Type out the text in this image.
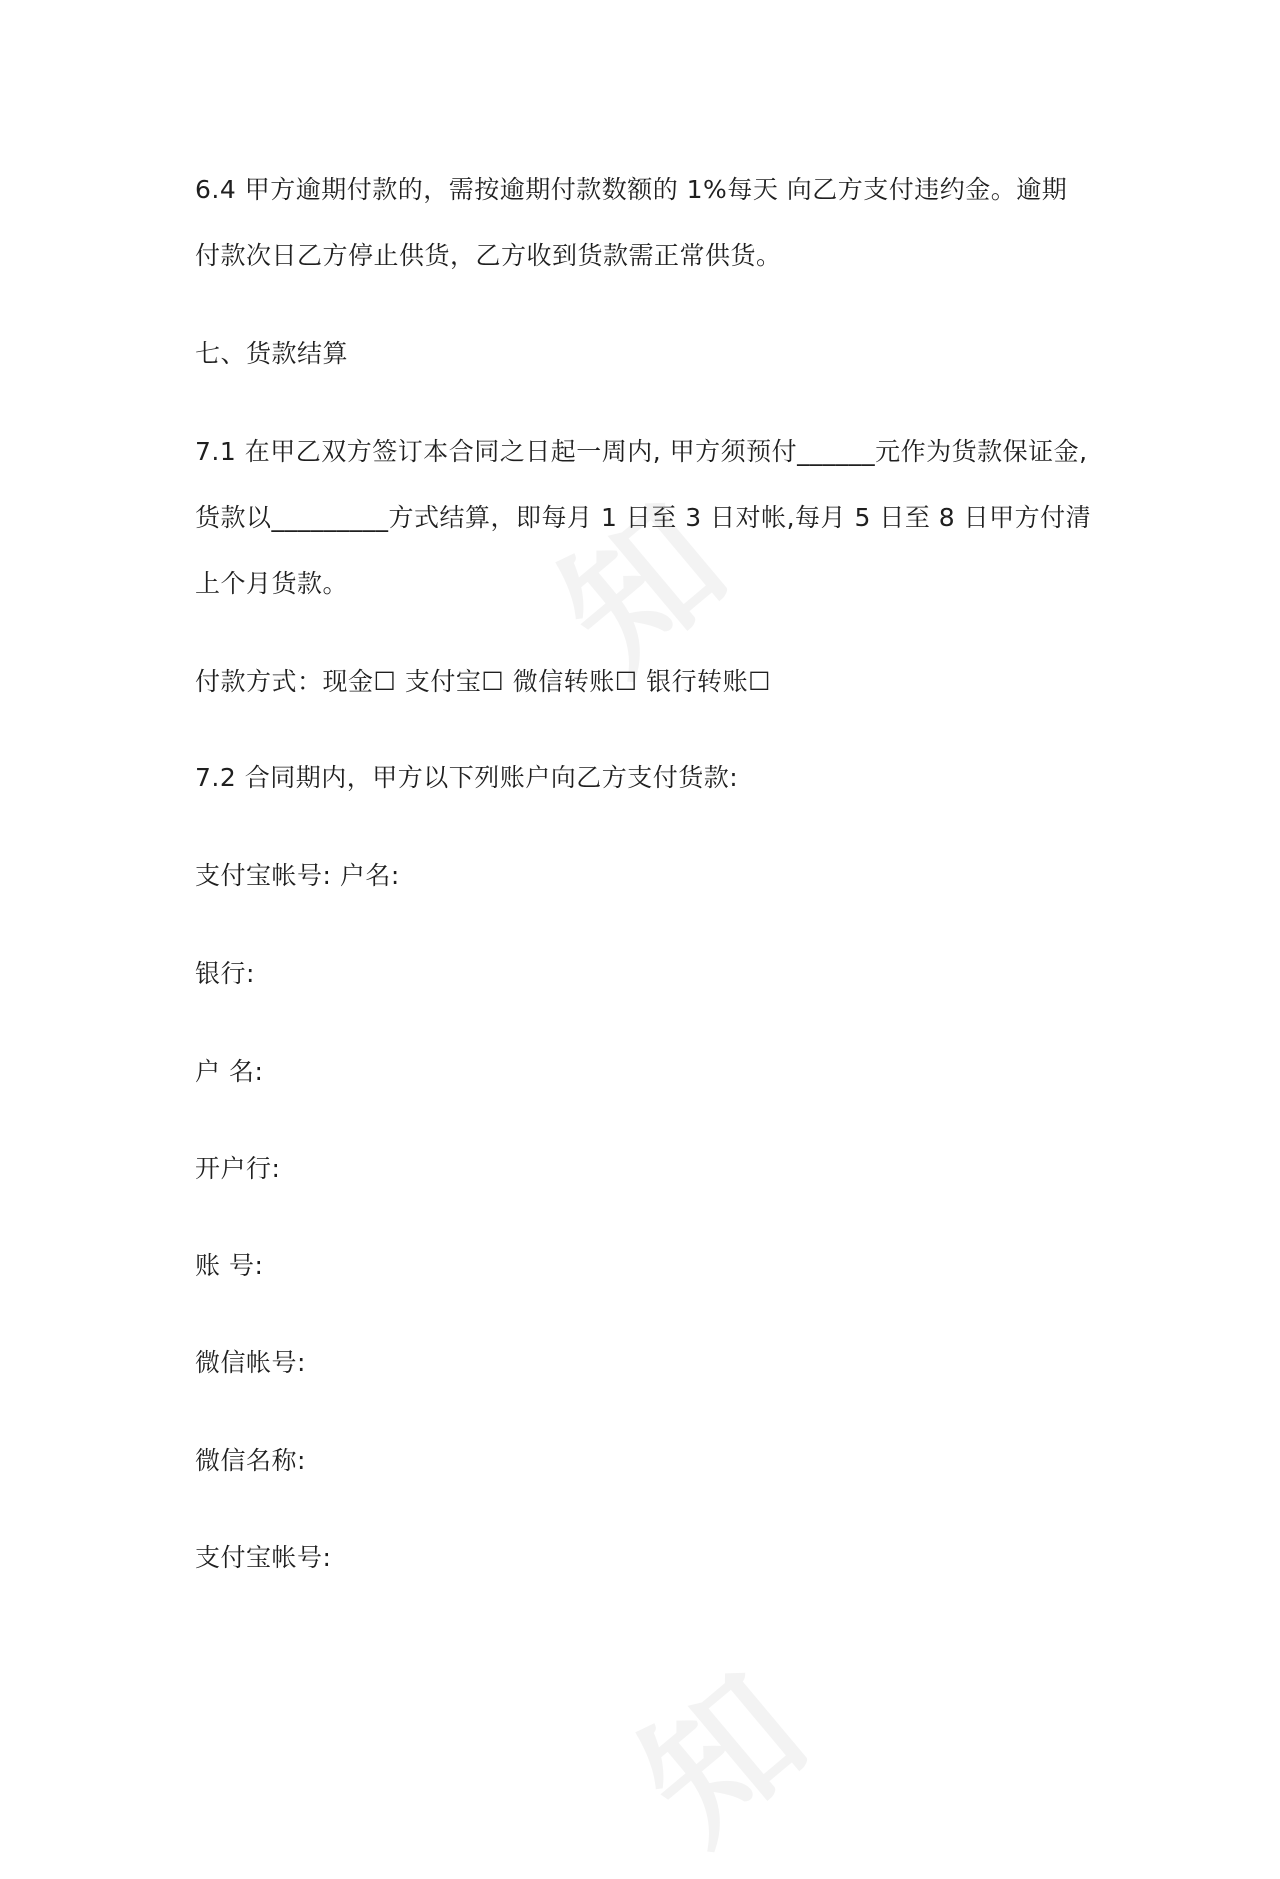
6.4 甲方逾期付款的，需按逾期付款数额的 1%每天 向乙方支付违约金。逾期
付款次日乙方停止供货，乙方收到货款需正常供货。

七、货款结算

7.1 在甲乙双方签订本合同之日起一周内, 甲方须预付______元作为货款保证金,
货款以_________方式结算，即每月 1 日至 3 日对帐,每月 5 日至 8 日甲方付清
上个月货款。

付款方式：现金☐ 支付宝☐ 微信转账☐ 银行转账☐

7.2 合同期内，甲方以下列账户向乙方支付货款:

支付宝帐号: 户名:

银行:

户 名:

开户行:

账 号:

微信帐号:

微信名称:

支付宝帐号:
